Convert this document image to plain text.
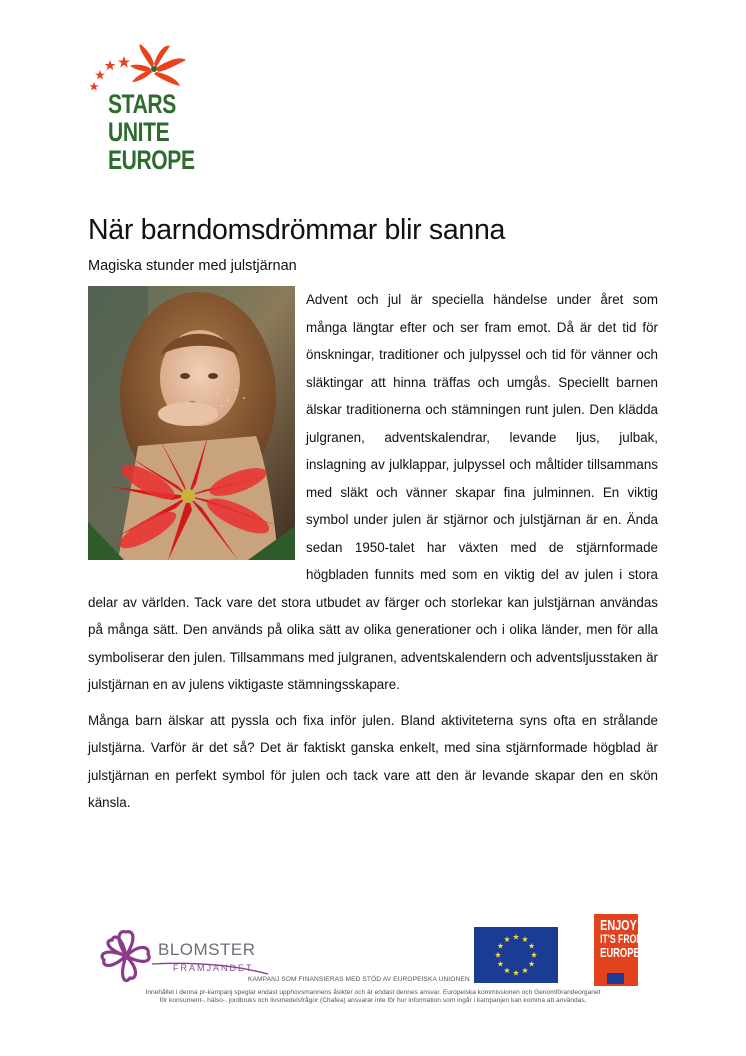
STARS
UNITE
EUROPE
När barndomsdrömmar blir sanna
Magiska stunder med julstjärnan

Advent och jul är speciella händelse under året som många längtar efter och ser fram emot. Då är det tid för önskningar, traditioner och julpyssel och tid för vänner och släktingar att hinna träffas och umgås. Speciellt barnen älskar traditionerna och stämningen runt julen. Den klädda julgranen, adventskalendrar, levande ljus, julbak, inslagning av julklappar, julpyssel och måltider tillsammans med släkt och vänner skapar fina julminnen. En viktig symbol under julen är stjärnor och julstjärnan är en. Ända sedan 1950-talet har växten med de stjärnformade högbladen funnits med som en viktig del av julen i stora delar av världen. Tack vare det stora utbudet av färger och storlekar kan julstjärnan användas på många sätt. Den används på olika sätt av olika generationer och i olika länder, men för alla symboliserar den julen. Tillsammans med julgranen, adventskalendern och adventsljusstaken är julstjärnan en av julens viktigaste stämningsskapare.

Många barn älskar att pyssla och fixa inför julen. Bland aktiviteterna syns ofta en strålande julstjärna. Varför är det så? Det är faktiskt ganska enkelt, med sina stjärnformade högblad är julstjärnan en perfekt symbol för julen och tack vare att den är levande skapar den en skön känsla.

BLOMSTER
FRÄMJANDET
KAMPANJ SOM FINANSIERAS MED STÖD AV EUROPEISKA UNIONEN
ENJOY
IT'S FROM
EUROPE
Innehållet i denna pr-kampanj speglar endast upphovsmannens åsikter och är endast dennes ansvar. Europeiska kommissionen och Genomförandeorganet
för konsument-, hälso-, jordbruks och livsmedelsfrågor (Chafea) ansvarar inte för hur information som ingår i kampanjen kan komma att användas.
